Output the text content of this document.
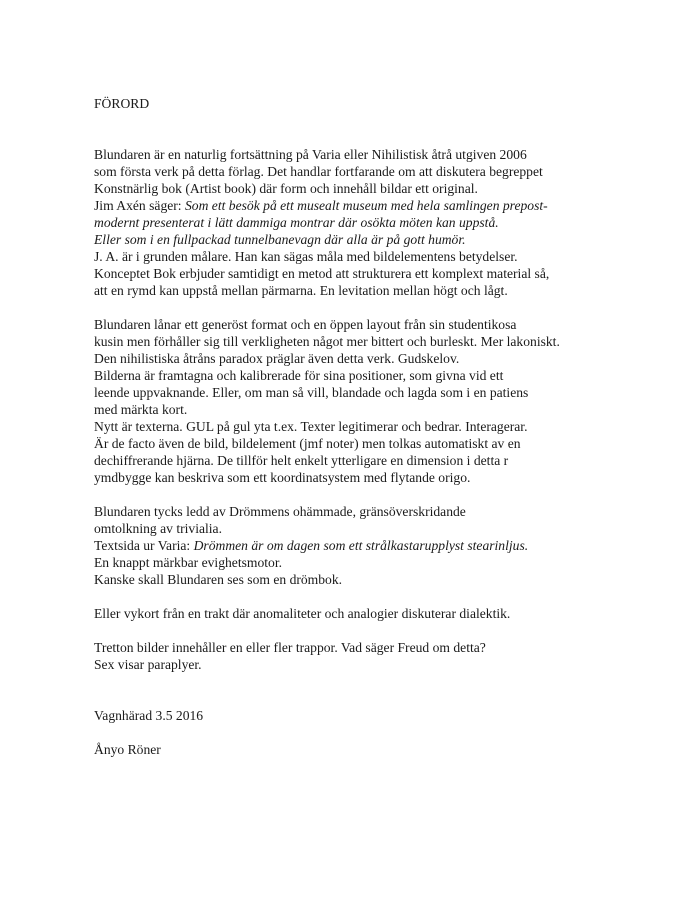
FÖRORD
Blundaren är en naturlig fortsättning på Varia eller Nihilistisk åtrå utgiven 2006
som första verk på detta förlag. Det handlar fortfarande om att diskutera begreppet
Konstnärlig bok (Artist book) där form och innehåll bildar ett original.
Jim Axén säger: Som ett besök på ett musealt museum med hela samlingen prepost-
modernt presenterat i lätt dammiga montrar där osökta möten kan uppstå.
Eller som i en fullpackad tunnelbanevagn där alla är på gott humör.
J. A. är i grunden målare. Han kan sägas måla med bildelementens betydelser.
Konceptet Bok erbjuder samtidigt en metod att strukturera ett komplext material så,
att en rymd kan uppstå mellan pärmarna. En levitation mellan högt och lågt.
Blundaren lånar ett generöst format och en öppen layout från sin studentikosa
kusin men förhåller sig till verkligheten något mer bittert och burleskt. Mer lakoniskt.
Den nihilistiska åtråns paradox präglar även detta verk. Gudskelov.
Bilderna är framtagna och kalibrerade för sina positioner, som givna vid ett
leende uppvaknande. Eller, om man så vill, blandade och lagda som i en patiens
med märkta kort.
Nytt är texterna. GUL på gul yta t.ex. Texter legitimerar och bedrar. Interagerar.
Är de facto även de bild, bildelement (jmf noter) men tolkas automatiskt av en
dechiffrerande hjärna. De tillför helt enkelt ytterligare en dimension i detta r
ymdbygge kan beskriva som ett koordinatsystem med flytande origo.
Blundaren tycks ledd av Drömmens ohämmade, gränsöverskridande
omtolkning av trivialia.
Textsida ur Varia: Drömmen är om dagen som ett strålkastarupplyst stearinljus.
En knappt märkbar evighetsmotor.
Kanske skall Blundaren ses som en drömbok.
Eller vykort från en trakt där anomaliteter och analogier diskuterar dialektik.
Tretton bilder innehåller en eller fler trappor. Vad säger Freud om detta?
Sex visar paraplyer.
Vagnhärad 3.5 2016
Ånyo Röner
